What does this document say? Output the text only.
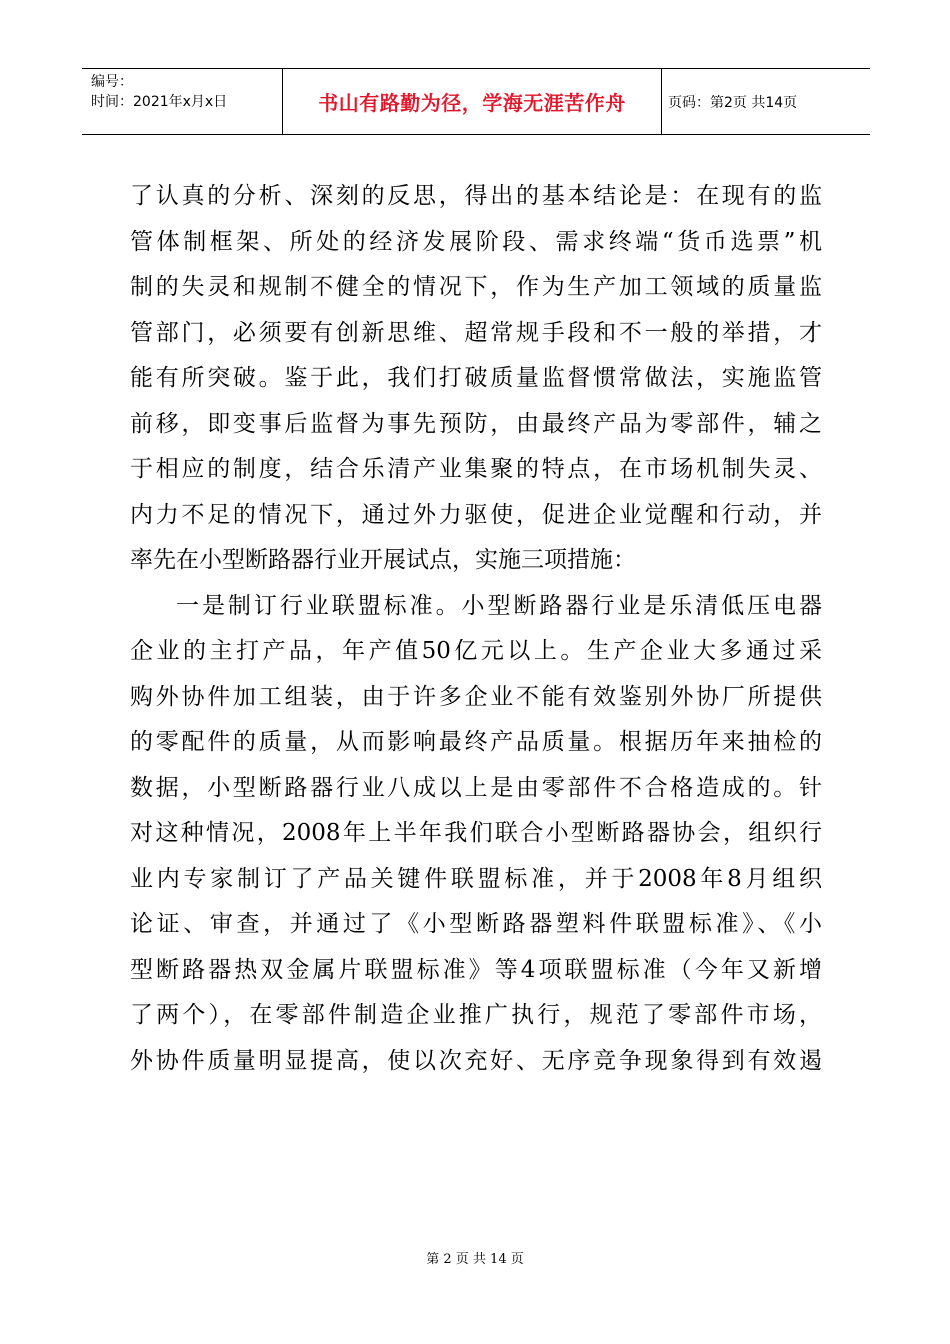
编号：
时间：2021年x月x日	书山有路勤为径，学海无涯苦作舟	页码：第2页 共14页
了认真的分析、深刻的反思，得出的基本结论是：在现有的监
管体制框架、所处的经济发展阶段、需求终端“货币选票”机
制的失灵和规制不健全的情况下，作为生产加工领域的质量监
管部门，必须要有创新思维、超常规手段和不一般的举措，才
能有所突破。鉴于此，我们打破质量监督惯常做法，实施监管
前移，即变事后监督为事先预防，由最终产品为零部件，辅之
于相应的制度，结合乐清产业集聚的特点，在市场机制失灵、
内力不足的情况下，通过外力驱使，促进企业觉醒和行动，并
率先在小型断路器行业开展试点，实施三项措施：
一是制订行业联盟标准。小型断路器行业是乐清低压电器
企业的主打产品，年产值50亿元以上。生产企业大多通过采
购外协件加工组装，由于许多企业不能有效鉴别外协厂所提供
的零配件的质量，从而影响最终产品质量。根据历年来抽检的
数据，小型断路器行业八成以上是由零部件不合格造成的。针
对这种情况，2008年上半年我们联合小型断路器协会，组织行
业内专家制订了产品关键件联盟标准，并于2008年8月组织
论证、审查，并通过了《小型断路器塑料件联盟标准》、《小
型断路器热双金属片联盟标准》等4项联盟标准（今年又新增
了两个），在零部件制造企业推广执行，规范了零部件市场，
外协件质量明显提高，使以次充好、无序竞争现象得到有效遏
第 2 页 共 14 页
